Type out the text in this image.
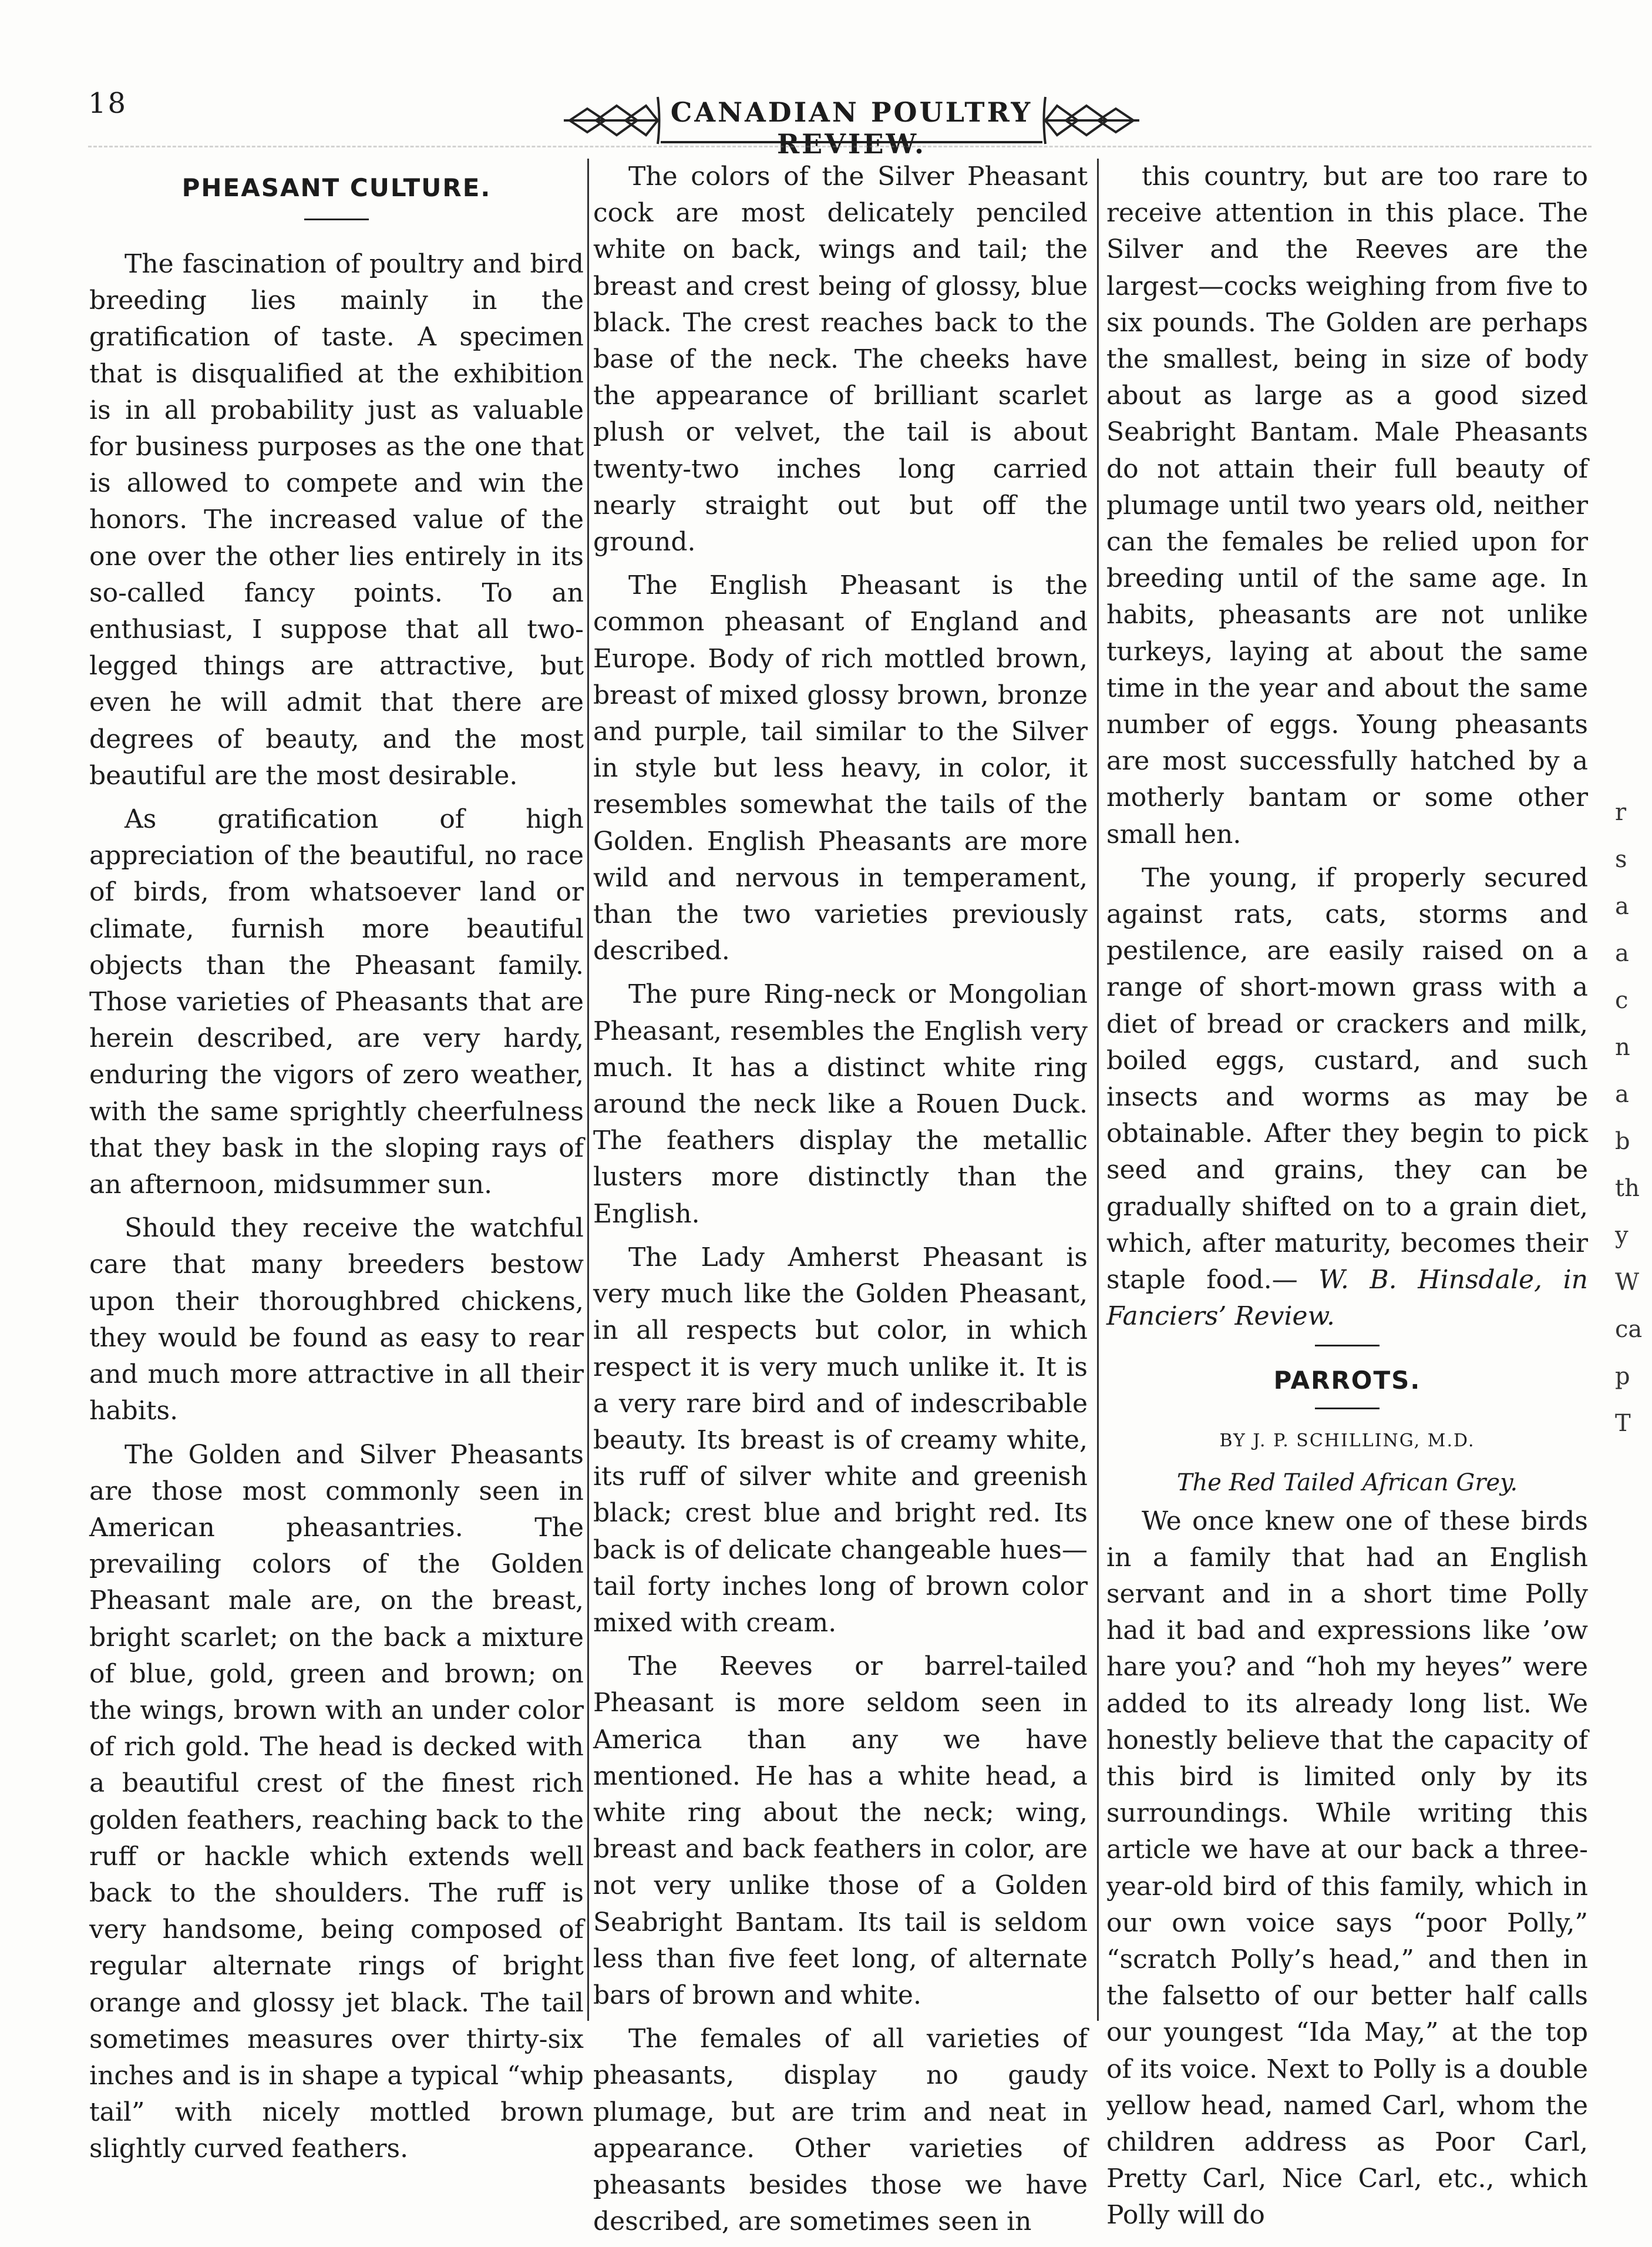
18	CANADIAN POULTRY REVIEW.
PHEASANT CULTURE.

The fascination of poultry and bird breeding lies mainly in the gratification of taste. A specimen that is disqualified at the exhibition is in all probability just as valuable for business purposes as the one that is allowed to compete and win the honors. The increased value of the one over the other lies entirely in its so-called fancy points. To an enthusiast, I suppose that all two-legged things are attractive, but even he will admit that there are degrees of beauty, and the most beautiful are the most desirable.

As gratification of high appreciation of the beautiful, no race of birds, from whatsoever land or climate, furnish more beautiful objects than the Pheasant family. Those varieties of Pheasants that are herein described, are very hardy, enduring the vigors of zero weather, with the same sprightly cheerfulness that they bask in the sloping rays of an afternoon, midsummer sun.

Should they receive the watchful care that many breeders bestow upon their thoroughbred chickens, they would be found as easy to rear and much more attractive in all their habits.

The Golden and Silver Pheasants are those most commonly seen in American pheasantries. The prevailing colors of the Golden Pheasant male are, on the breast, bright scarlet; on the back a mixture of blue, gold, green and brown; on the wings, brown with an under color of rich gold. The head is decked with a beautiful crest of the finest rich golden feathers, reaching back to the ruff or hackle which extends well back to the shoulders. The ruff is very handsome, being composed of regular alternate rings of bright orange and glossy jet black. The tail sometimes measures over thirty-six inches and is in shape a typical “whip tail” with nicely mottled brown slightly curved feathers.

The colors of the Silver Pheasant cock are most delicately penciled white on back, wings and tail; the breast and crest being of glossy, blue black. The crest reaches back to the base of the neck. The cheeks have the appearance of brilliant scarlet plush or velvet, the tail is about twenty-two inches long carried nearly straight out but off the ground.

The English Pheasant is the common pheasant of England and Europe. Body of rich mottled brown, breast of mixed glossy brown, bronze and purple, tail similar to the Silver in style but less heavy, in color, it resembles somewhat the tails of the Golden. English Pheasants are more wild and nervous in temperament, than the two varieties previously described.

The pure Ring-neck or Mongolian Pheasant, resembles the English very much. It has a distinct white ring around the neck like a Rouen Duck. The feathers display the metallic lusters more distinctly than the English.

The Lady Amherst Pheasant is very much like the Golden Pheasant, in all respects but color, in which respect it is very much unlike it. It is a very rare bird and of indescribable beauty. Its breast is of creamy white, its ruff of silver white and greenish black; crest blue and bright red. Its back is of delicate changeable hues—tail forty inches long of brown color mixed with cream.

The Reeves or barrel-tailed Pheasant is more seldom seen in America than any we have mentioned. He has a white head, a white ring about the neck; wing, breast and back feathers in color, are not very unlike those of a Golden Seabright Bantam. Its tail is seldom less than five feet long, of alternate bars of brown and white.

The females of all varieties of pheasants, display no gaudy plumage, but are trim and neat in appearance. Other varieties of pheasants besides those we have described, are sometimes seen in

this country, but are too rare to receive attention in this place. The Silver and the Reeves are the largest—cocks weighing from five to six pounds. The Golden are perhaps the smallest, being in size of body about as large as a good sized Seabright Bantam. Male Pheasants do not attain their full beauty of plumage until two years old, neither can the females be relied upon for breeding until of the same age. In habits, pheasants are not unlike turkeys, laying at about the same time in the year and about the same number of eggs. Young pheasants are most successfully hatched by a motherly bantam or some other small hen.

The young, if properly secured against rats, cats, storms and pestilence, are easily raised on a range of short-mown grass with a diet of bread or crackers and milk, boiled eggs, custard, and such insects and worms as may be obtainable. After they begin to pick seed and grains, they can be gradually shifted on to a grain diet, which, after maturity, becomes their staple food.— W. B. Hinsdale, in Fanciers’ Review.

PARROTS.
BY J. P. SCHILLING, M.D.
The Red Tailed African Grey.

We once knew one of these birds in a family that had an English servant and in a short time Polly had it bad and expressions like ’ow hare you? and “hoh my heyes” were added to its already long list. We honestly believe that the capacity of this bird is limited only by its surroundings. While writing this article we have at our back a three-year-old bird of this family, which in our own voice says “poor Polly,” “scratch Polly’s head,” and then in the falsetto of our better half calls our youngest “Ida May,” at the top of its voice. Next to Polly is a double yellow head, named Carl, whom the children address as Poor Carl, Pretty Carl, Nice Carl, etc., which Polly will do

r
s
a
a
c
n
a
b
th
y
W
ca
p
T
